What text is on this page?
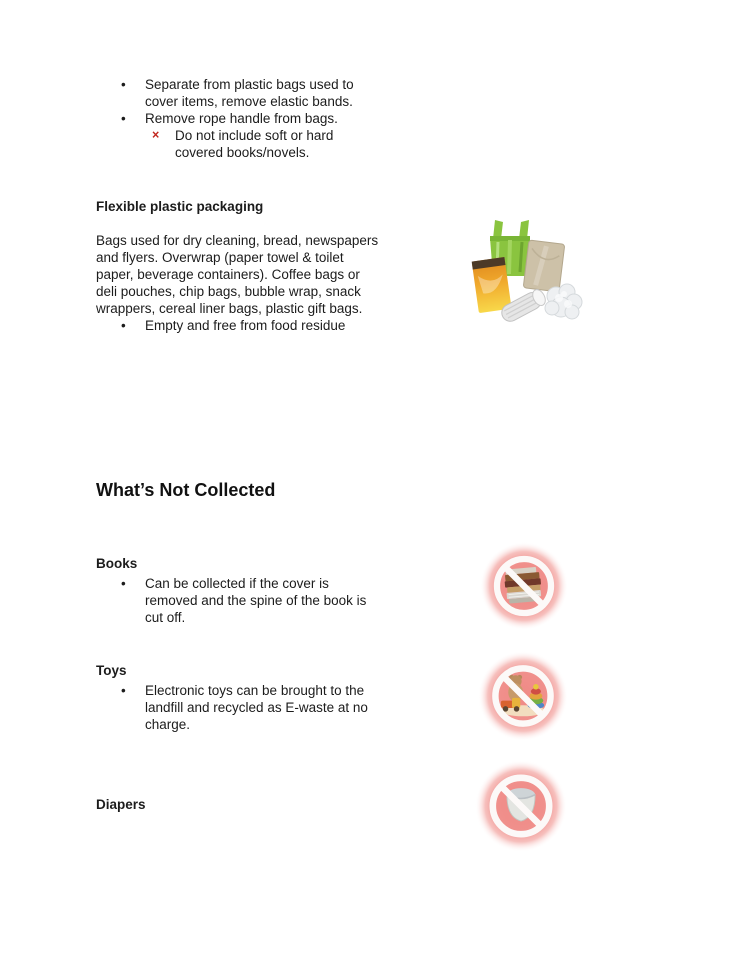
•	Separate from plastic bags used to cover items, remove elastic bands.
•	Remove rope handle from bags.
×	Do not include soft or hard covered books/novels.
Flexible plastic packaging

Bags used for dry cleaning, bread, newspapers and flyers. Overwrap (paper towel & toilet paper, beverage containers). Coffee bags or deli pouches, chip bags, bubble wrap, snack wrappers, cereal liner bags, plastic gift bags.

•	Empty and free from food residue
What’s Not Collected
Books
•	Can be collected if the cover is removed and the spine of the book is cut off.
Toys
•	Electronic toys can be brought to the landfill and recycled as E-waste at no charge.
Diapers
